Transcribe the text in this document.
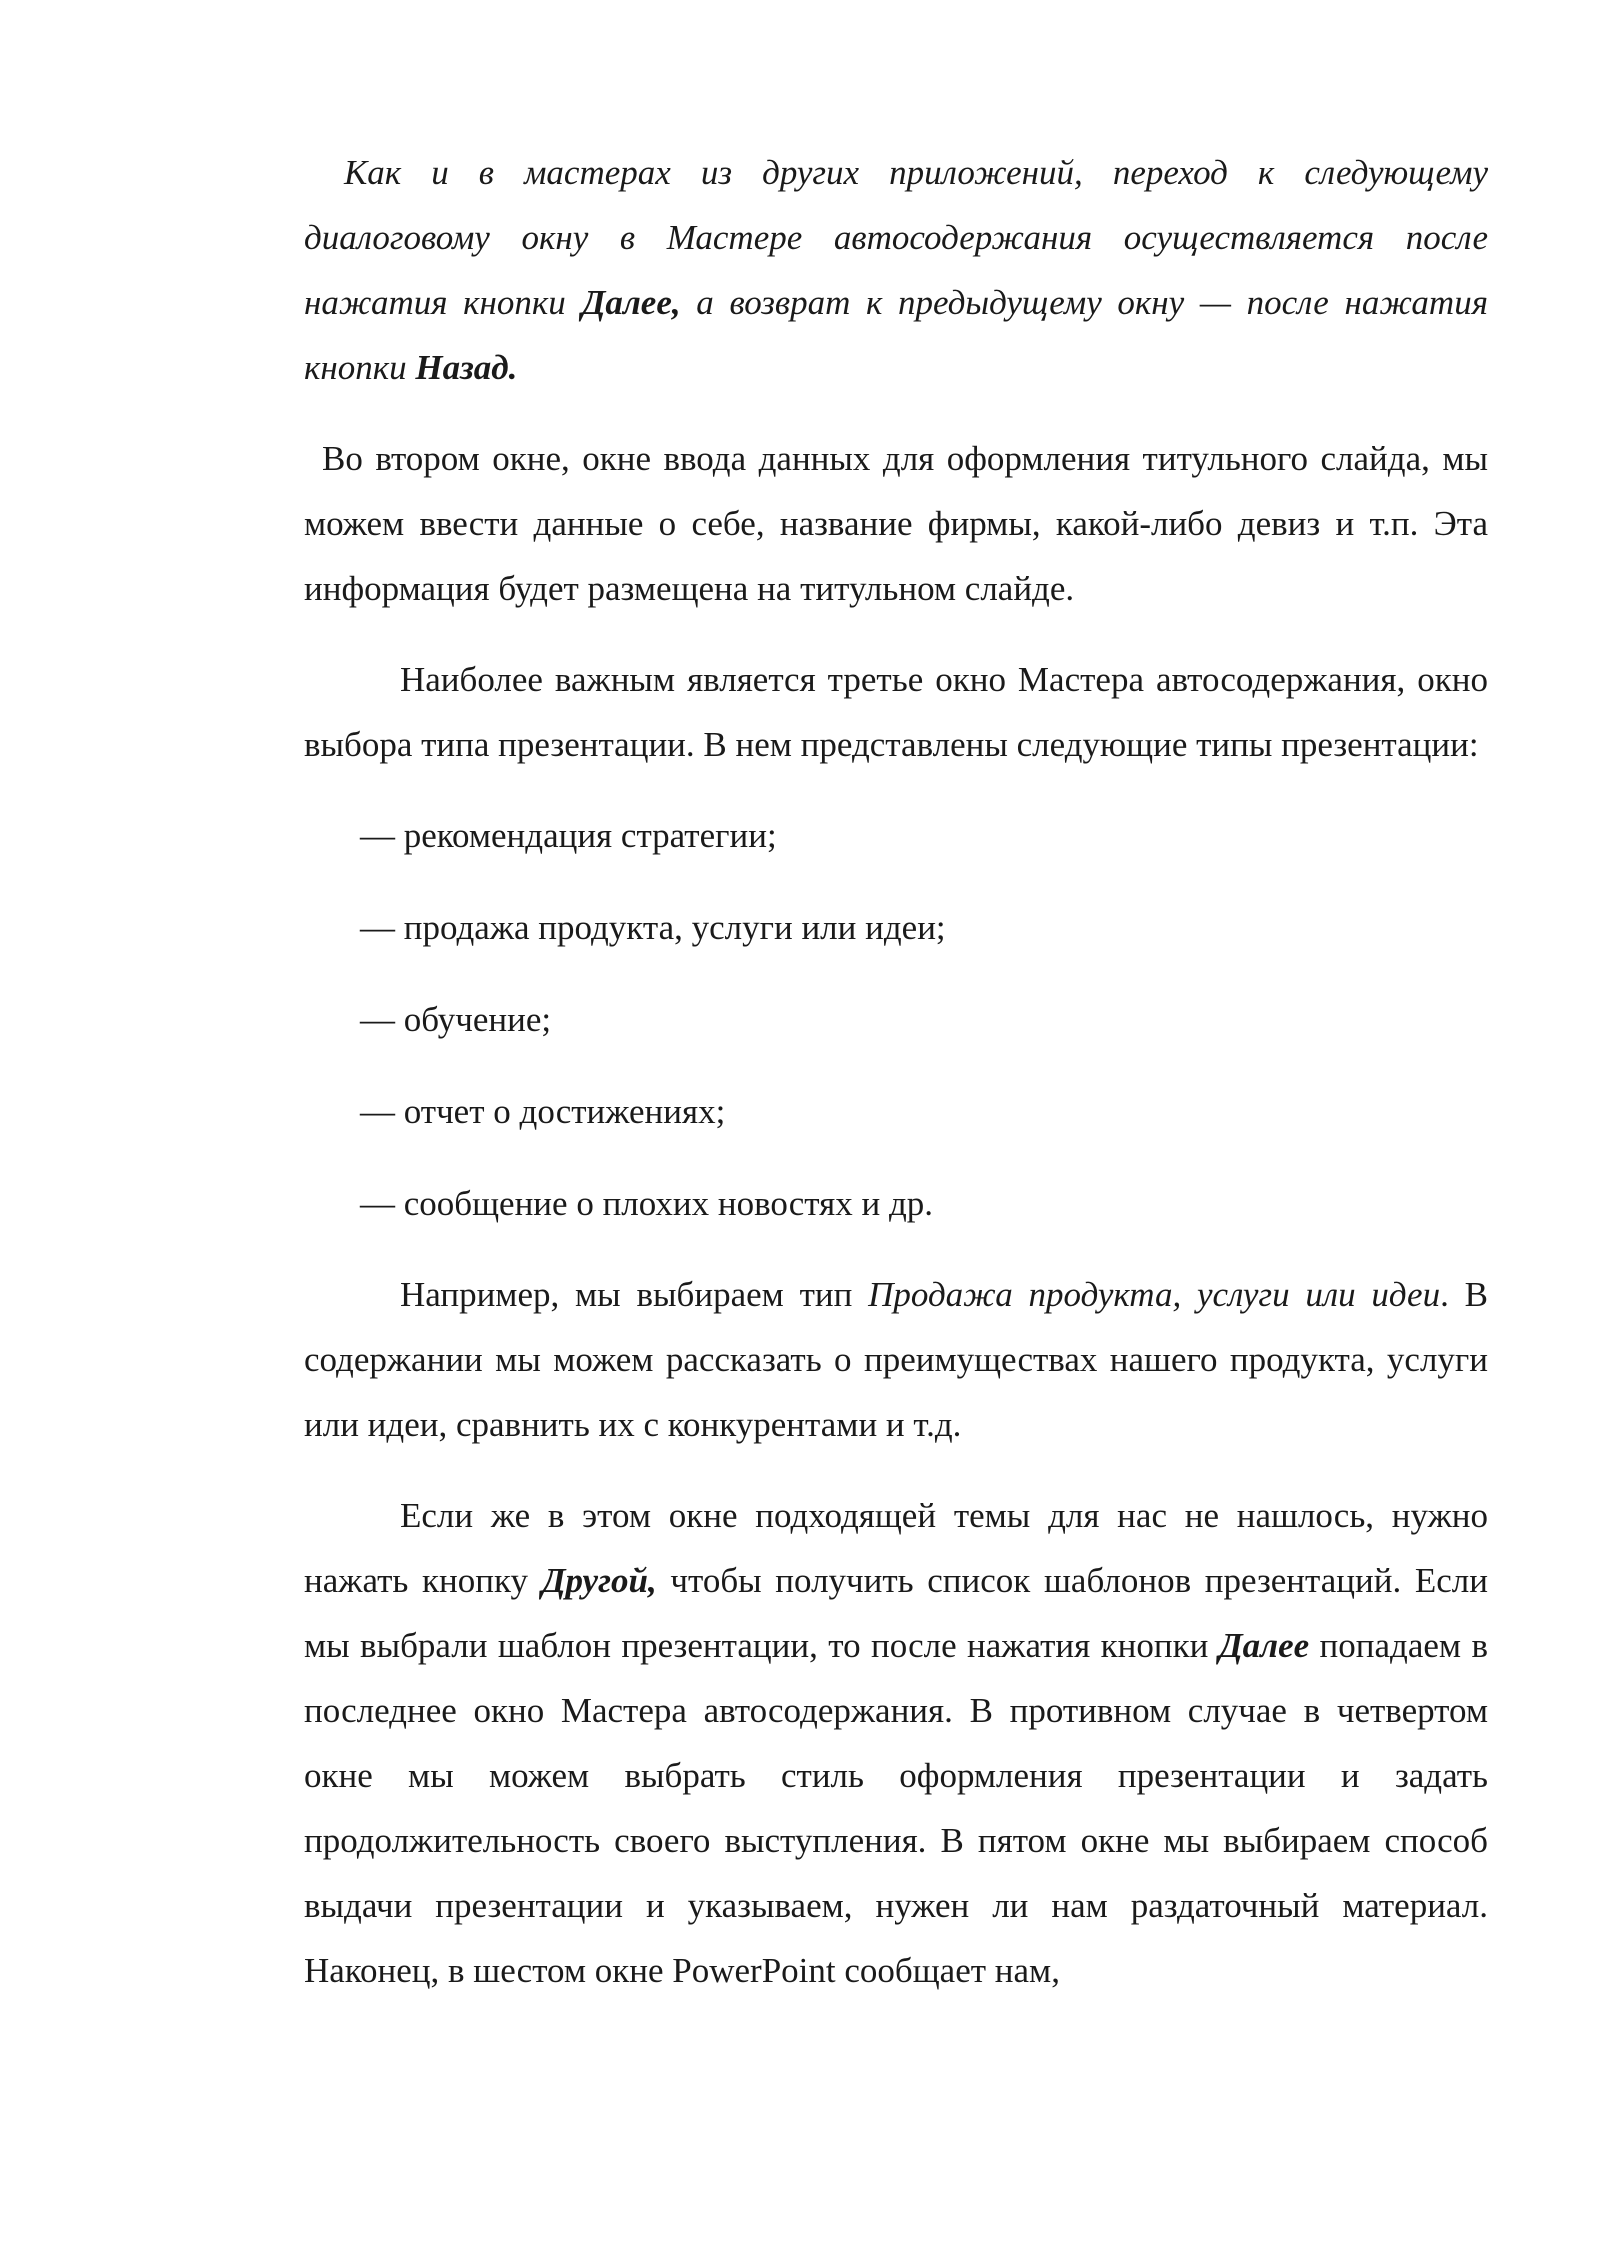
Как и в мастерах из других приложений, переход к следующему диалоговому окну в Мастере автосодержания осуществляется после нажатия кнопки Далее, а возврат к предыдущему окну — после нажатия кнопки Назад.

Во втором окне, окне ввода данных для оформления титульного слайда, мы можем ввести данные о себе, название фирмы, какой-либо девиз и т.п. Эта информация будет размещена на титульном слайде.

Наиболее важным является третье окно Мастера автосодержания, окно выбора типа презентации. В нем представлены следующие типы презентации:

— рекомендация стратегии;
— продажа продукта, услуги или идеи;
— обучение;
— отчет о достижениях;
— сообщение о плохих новостях и др.

Например, мы выбираем тип Продажа продукта, услуги или идеи. В содержании мы можем рассказать о преимуществах нашего продукта, услуги или идеи, сравнить их с конкурентами и т.д.

Если же в этом окне подходящей темы для нас не нашлось, нужно нажать кнопку Другой, чтобы получить список шаблонов презентаций. Если мы выбрали шаблон презентации, то после нажатия кнопки Далее попадаем в последнее окно Мастера автосодержания. В противном случае в четвертом окне мы можем выбрать стиль оформления презентации и задать продолжительность своего выступления. В пятом окне мы выбираем способ выдачи презентации и указываем, нужен ли нам раздаточный материал. Наконец, в шестом окне PowerPoint сообщает нам,
